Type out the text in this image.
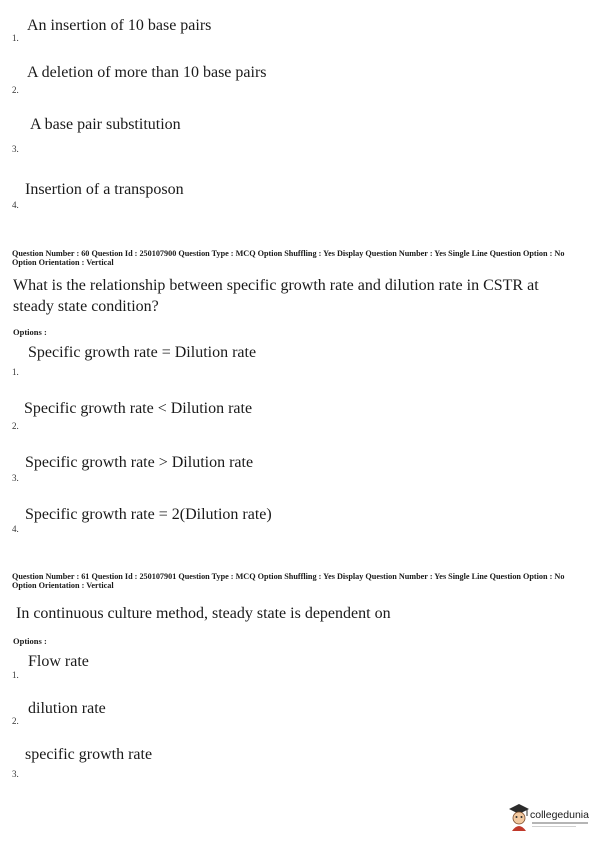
An insertion of 10 base pairs
1.
A deletion of more than 10 base pairs
2.
A base pair substitution
3.
Insertion of a transposon
4.
Question Number : 60 Question Id : 250107900 Question Type : MCQ Option Shuffling : Yes Display Question Number : Yes Single Line Question Option : No Option Orientation : Vertical
What is the relationship between specific growth rate and dilution rate in CSTR at steady state condition?
Options :
Specific growth rate = Dilution rate
1.
Specific growth rate < Dilution rate
2.
Specific growth rate > Dilution rate
3.
Specific growth rate = 2(Dilution rate)
4.
Question Number : 61 Question Id : 250107901 Question Type : MCQ Option Shuffling : Yes Display Question Number : Yes Single Line Question Option : No Option Orientation : Vertical
In continuous culture method, steady state is dependent on
Options :
Flow rate
1.
dilution rate
2.
specific growth rate
3.
collegedunia
